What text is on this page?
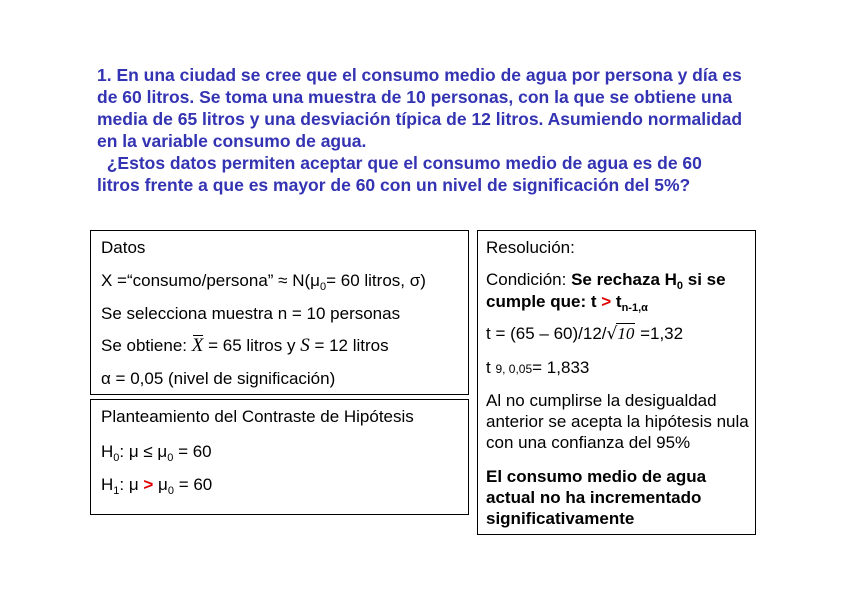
1. En una ciudad se cree que el consumo medio de agua por persona y día es
de 60 litros. Se toma una muestra de 10 personas, con la que se obtiene una
media de 65 litros y una desviación típica de 12 litros. Asumiendo normalidad
en la variable consumo de agua.
¿Estos datos permiten aceptar que el consumo medio de agua es de 60
litros frente a que es mayor de 60 con un nivel de significación del 5%?
Datos
X =“consumo/persona” ≈ $N(\mu_0= 60$ litros, σ)
Se selecciona muestra n = 10 personas
Se obtiene: X = 65 litros y S = 12 litros
α = 0,05 (nivel de significación)
Planteamiento del Contraste de Hipótesis
$H_0$: $\mu \le \mu_0 = 60$
$H_1$: $\mu > \mu_0 = 60$
Resolución:
Condición: Se rechaza $H_0$ si se cumple que: $t > t_{n-1,\alpha}$
t = (65 – 60)/12/√10 =1,32
t 9, 0,05= 1,833
Al no cumplirse la desigualdad anterior se acepta la hipótesis nula con una confianza del 95%
El consumo medio de agua actual no ha incrementado significativamente
